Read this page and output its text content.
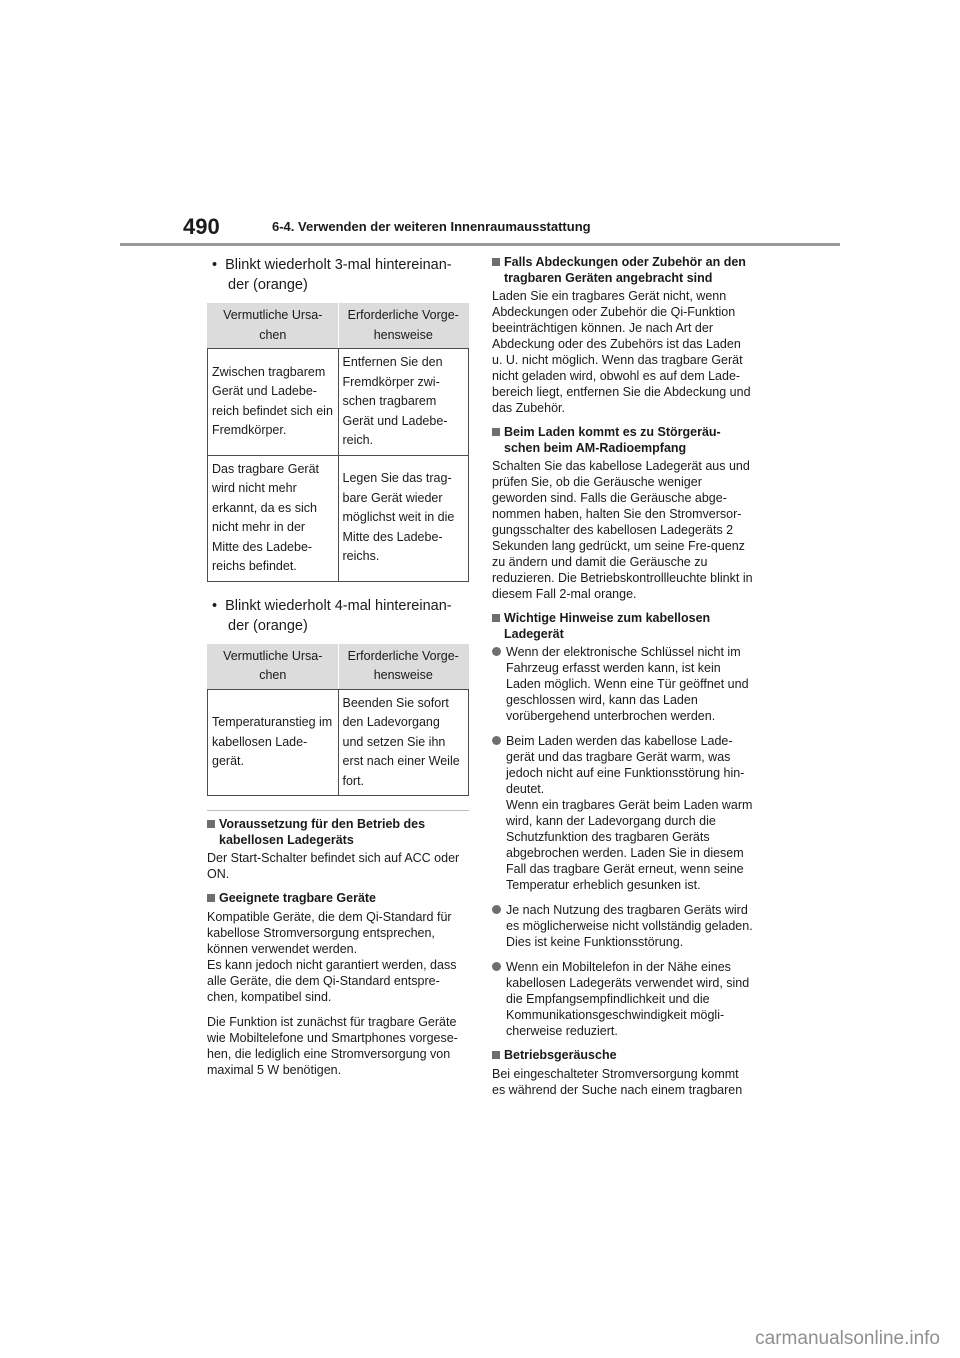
490	6-4. Verwenden der weiteren Innenraumausstattung
•  Blinkt wiederholt 3-mal hintereinan-der (orange)
Vermutliche Ursa-chen	Erforderliche Vorge-hensweise
Zwischen tragbarem Gerät und Ladebe-reich befindet sich ein Fremdkörper.	Entfernen Sie den Fremdkörper zwi-schen tragbarem Gerät und Ladebe-reich.
Das tragbare Gerät wird nicht mehr erkannt, da es sich nicht mehr in der Mitte des Ladebe-reichs befindet.	Legen Sie das trag-bare Gerät wieder möglichst weit in die Mitte des Ladebe-reichs.
•  Blinkt wiederholt 4-mal hintereinan-der (orange)
Vermutliche Ursa-chen	Erforderliche Vorge-hensweise
Temperaturanstieg im kabellosen Lade-gerät.	Beenden Sie sofort den Ladevorgang und setzen Sie ihn erst nach einer Weile fort.
Voraussetzung für den Betrieb des kabellosen Ladegeräts

Der Start-Schalter befindet sich auf ACC oder ON.

Geeignete tragbare Geräte

Kompatible Geräte, die dem Qi-Standard für kabellose Stromversorgung entsprechen, können verwendet werden.

Es kann jedoch nicht garantiert werden, dass alle Geräte, die dem Qi-Standard entspre-chen, kompatibel sind.

Die Funktion ist zunächst für tragbare Geräte wie Mobiltelefone und Smartphones vorgese-hen, die lediglich eine Stromversorgung von maximal 5 W benötigen.

Falls Abdeckungen oder Zubehör an den tragbaren Geräten angebracht sind

Laden Sie ein tragbares Gerät nicht, wenn Abdeckungen oder Zubehör die Qi-Funktion beeinträchtigen können. Je nach Art der Abdeckung oder des Zubehörs ist das Laden u. U. nicht möglich. Wenn das tragbare Gerät nicht geladen wird, obwohl es auf dem Lade-bereich liegt, entfernen Sie die Abdeckung und das Zubehör.

Beim Laden kommt es zu Störgeräu-schen beim AM-Radioempfang

Schalten Sie das kabellose Ladegerät aus und prüfen Sie, ob die Geräusche weniger geworden sind. Falls die Geräusche abge-nommen haben, halten Sie den Stromversor-gungsschalter des kabellosen Ladegeräts 2 Sekunden lang gedrückt, um seine Fre-quenz zu ändern und damit die Geräusche zu reduzieren. Die Betriebskontrollleuchte blinkt in diesem Fall 2-mal orange.

Wichtige Hinweise zum kabellosen Ladegerät
Wenn der elektronische Schlüssel nicht im Fahrzeug erfasst werden kann, ist kein Laden möglich. Wenn eine Tür geöffnet und geschlossen wird, kann das Laden vorübergehend unterbrochen werden.
Beim Laden werden das kabellose Lade-gerät und das tragbare Gerät warm, was jedoch nicht auf eine Funktionsstörung hin-deutet.
Wenn ein tragbares Gerät beim Laden warm wird, kann der Ladevorgang durch die Schutzfunktion des tragbaren Geräts abgebrochen werden. Laden Sie in diesem Fall das tragbare Gerät erneut, wenn seine Temperatur erheblich gesunken ist.
Je nach Nutzung des tragbaren Geräts wird es möglicherweise nicht vollständig geladen. Dies ist keine Funktionsstörung.
Wenn ein Mobiltelefon in der Nähe eines kabellosen Ladegeräts verwendet wird, sind die Empfangsempfindlichkeit und die Kommunikationsgeschwindigkeit mögli-cherweise reduziert.
Betriebsgeräusche

Bei eingeschalteter Stromversorgung kommt es während der Suche nach einem tragbaren

carmanualsonline.info
